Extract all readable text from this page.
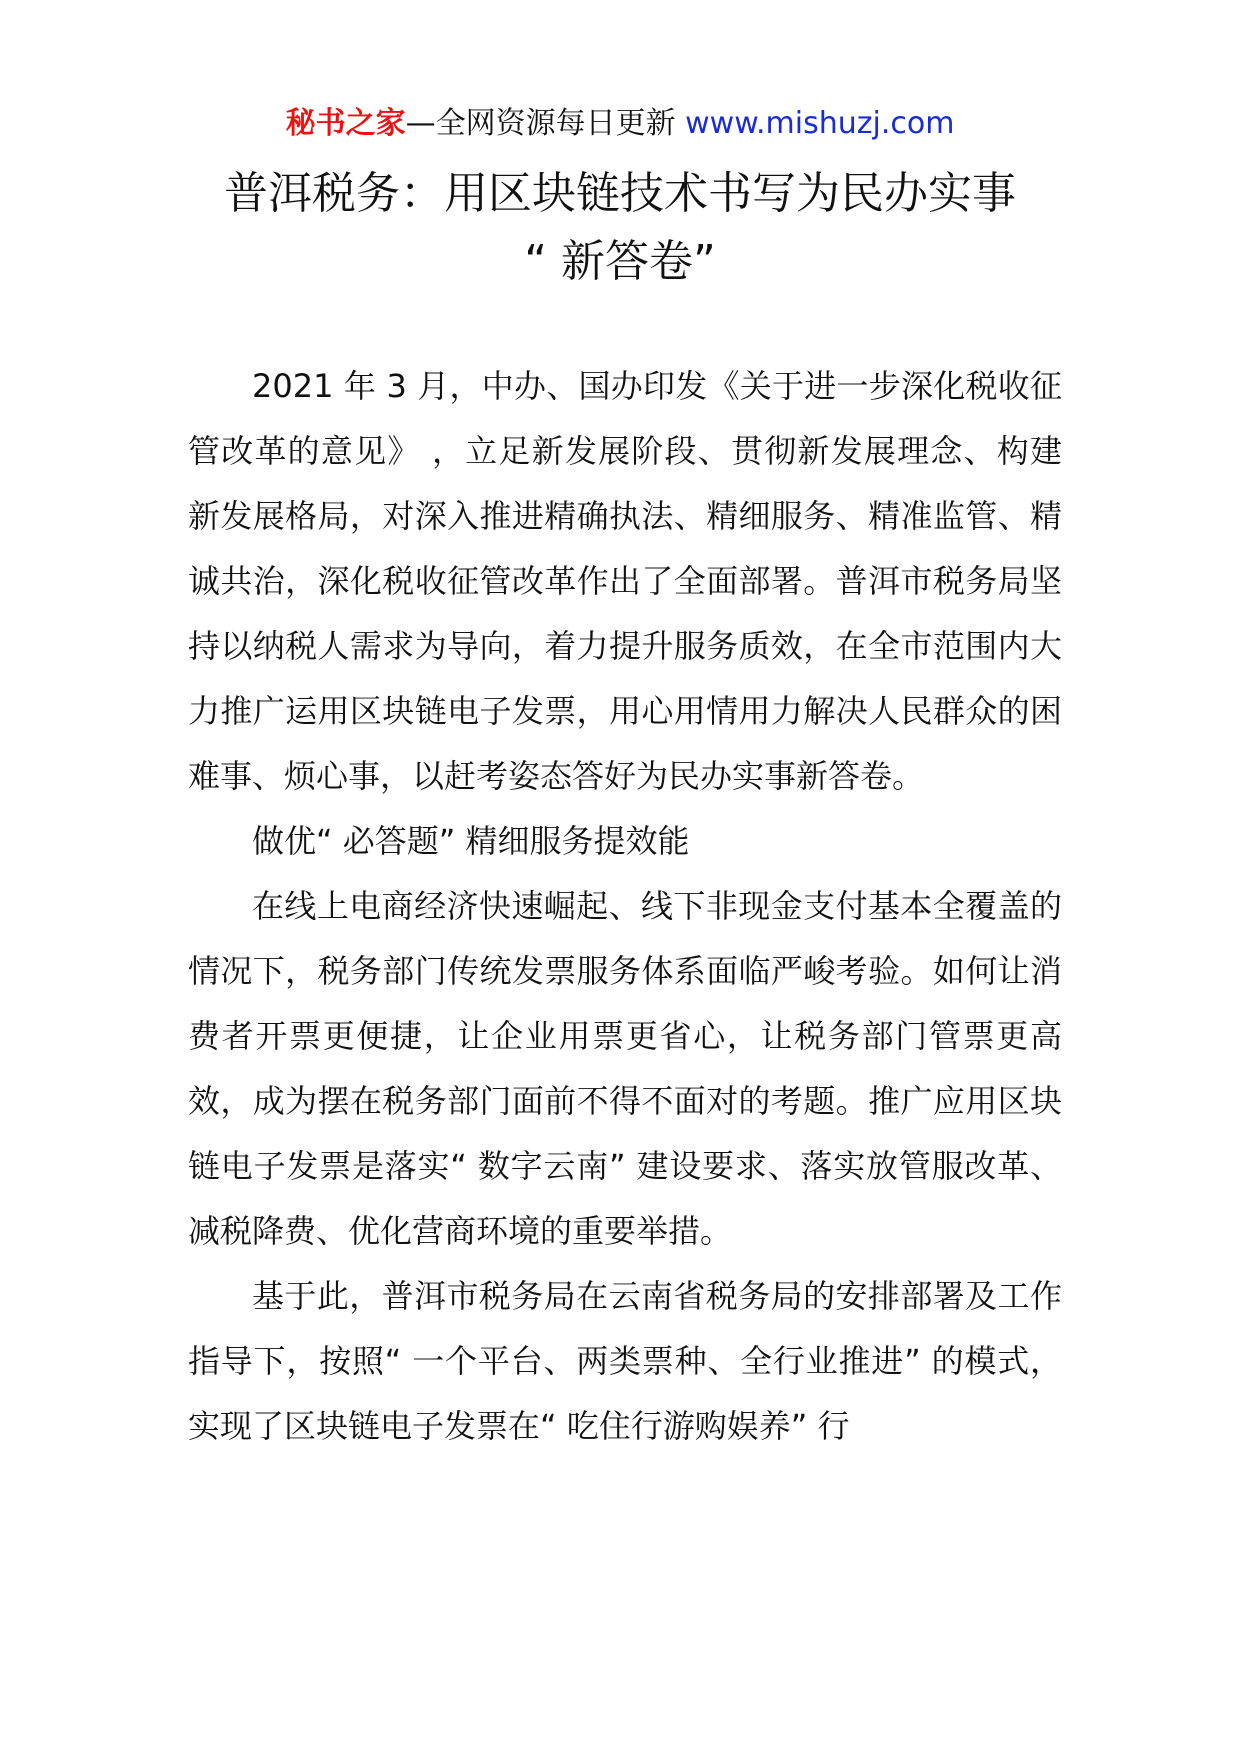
秘书之家—全网资源每日更新 www.mishuzj.com
普洱税务：用区块链技术书写为民办实事
“ 新答卷”

2021 年 3 月，中办、国办印发《关于进一步深化税收征管改革的意见》 ，立足新发展阶段、贯彻新发展理念、构建新发展格局，对深入推进精确执法、精细服务、精准监管、精诚共治，深化税收征管改革作出了全面部署。普洱市税务局坚持以纳税人需求为导向，着力提升服务质效，在全市范围内大力推广运用区块链电子发票，用心用情用力解决人民群众的困难事、烦心事，以赶考姿态答好为民办实事新答卷。

做优“ 必答题” 精细服务提效能

在线上电商经济快速崛起、线下非现金支付基本全覆盖的情况下，税务部门传统发票服务体系面临严峻考验。如何让消费者开票更便捷，让企业用票更省心，让税务部门管票更高效，成为摆在税务部门面前不得不面对的考题。推广应用区块链电子发票是落实“ 数字云南” 建设要求、落实放管服改革、减税降费、优化营商环境的重要举措。

基于此，普洱市税务局在云南省税务局的安排部署及工作指导下，按照“ 一个平台、两类票种、全行业推进” 的模式，实现了区块链电子发票在“ 吃住行游购娱养” 行
